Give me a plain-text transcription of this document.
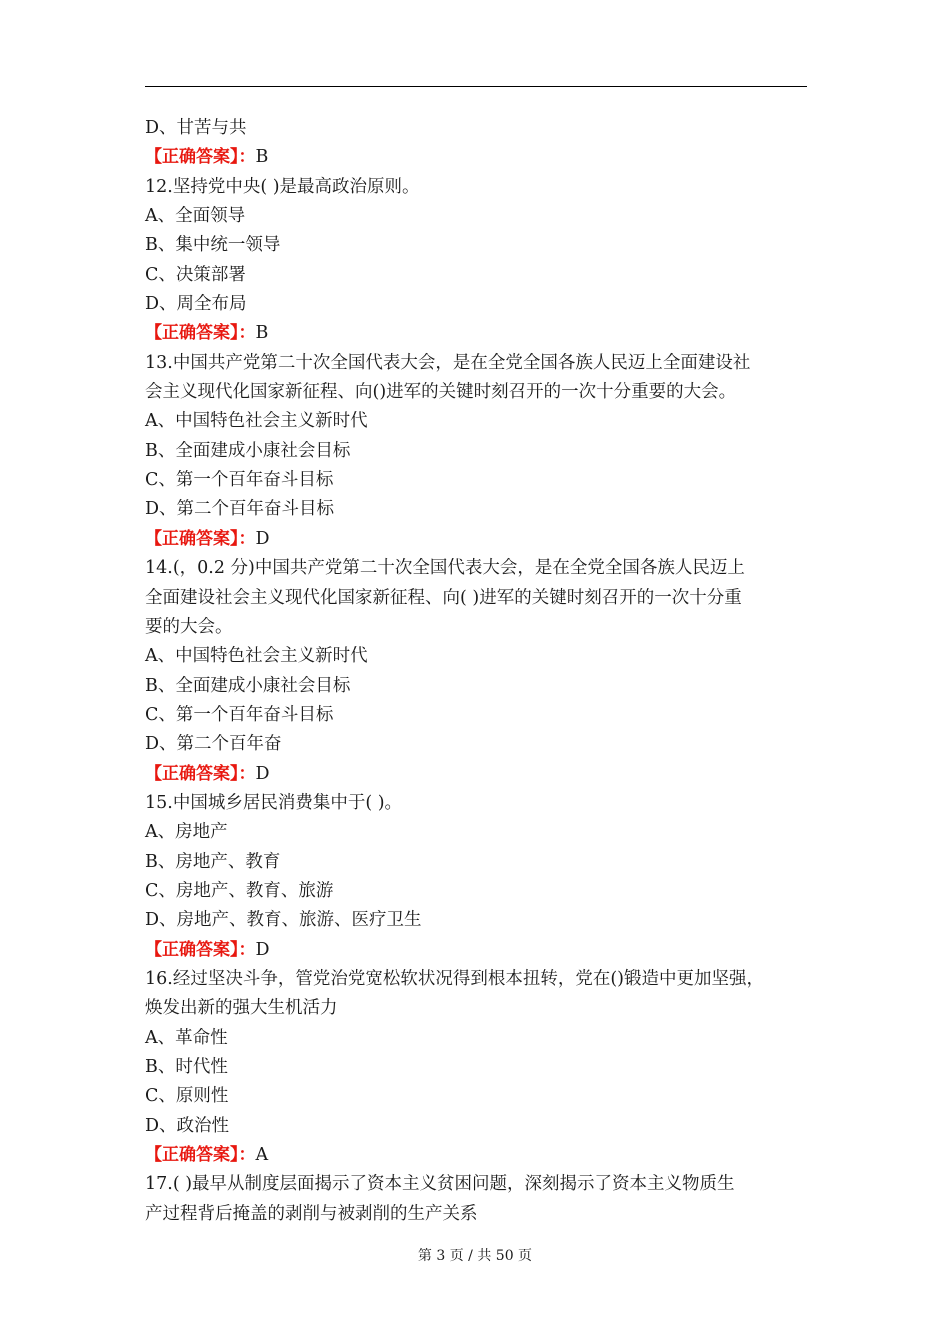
D、甘苦与共
【正确答案】：B
12.坚持党中央( )是最高政治原则。
A、全面领导
B、集中统一领导
C、决策部署
D、周全布局
【正确答案】：B
13.中国共产党第二十次全国代表大会，是在全党全国各族人民迈上全面建设社
会主义现代化国家新征程、向()进军的关键时刻召开的一次十分重要的大会。
A、中国特色社会主义新时代
B、全面建成小康社会目标
C、第一个百年奋斗目标
D、第二个百年奋斗目标
【正确答案】：D
14.(，0.2 分)中国共产党第二十次全国代表大会，是在全党全国各族人民迈上
全面建设社会主义现代化国家新征程、向( )进军的关键时刻召开的一次十分重
要的大会。
A、中国特色社会主义新时代
B、全面建成小康社会目标
C、第一个百年奋斗目标
D、第二个百年奋
【正确答案】：D
15.中国城乡居民消费集中于( )。
A、房地产
B、房地产、教育
C、房地产、教育、旅游
D、房地产、教育、旅游、医疗卫生
【正确答案】：D
16.经过坚决斗争，管党治党宽松软状况得到根本扭转，党在()锻造中更加坚强，
焕发出新的强大生机活力
A、革命性
B、时代性
C、原则性
D、政治性
【正确答案】：A
17.( )最早从制度层面揭示了资本主义贫困问题，深刻揭示了资本主义物质生
产过程背后掩盖的剥削与被剥削的生产关系
第 3 页 / 共 50 页
